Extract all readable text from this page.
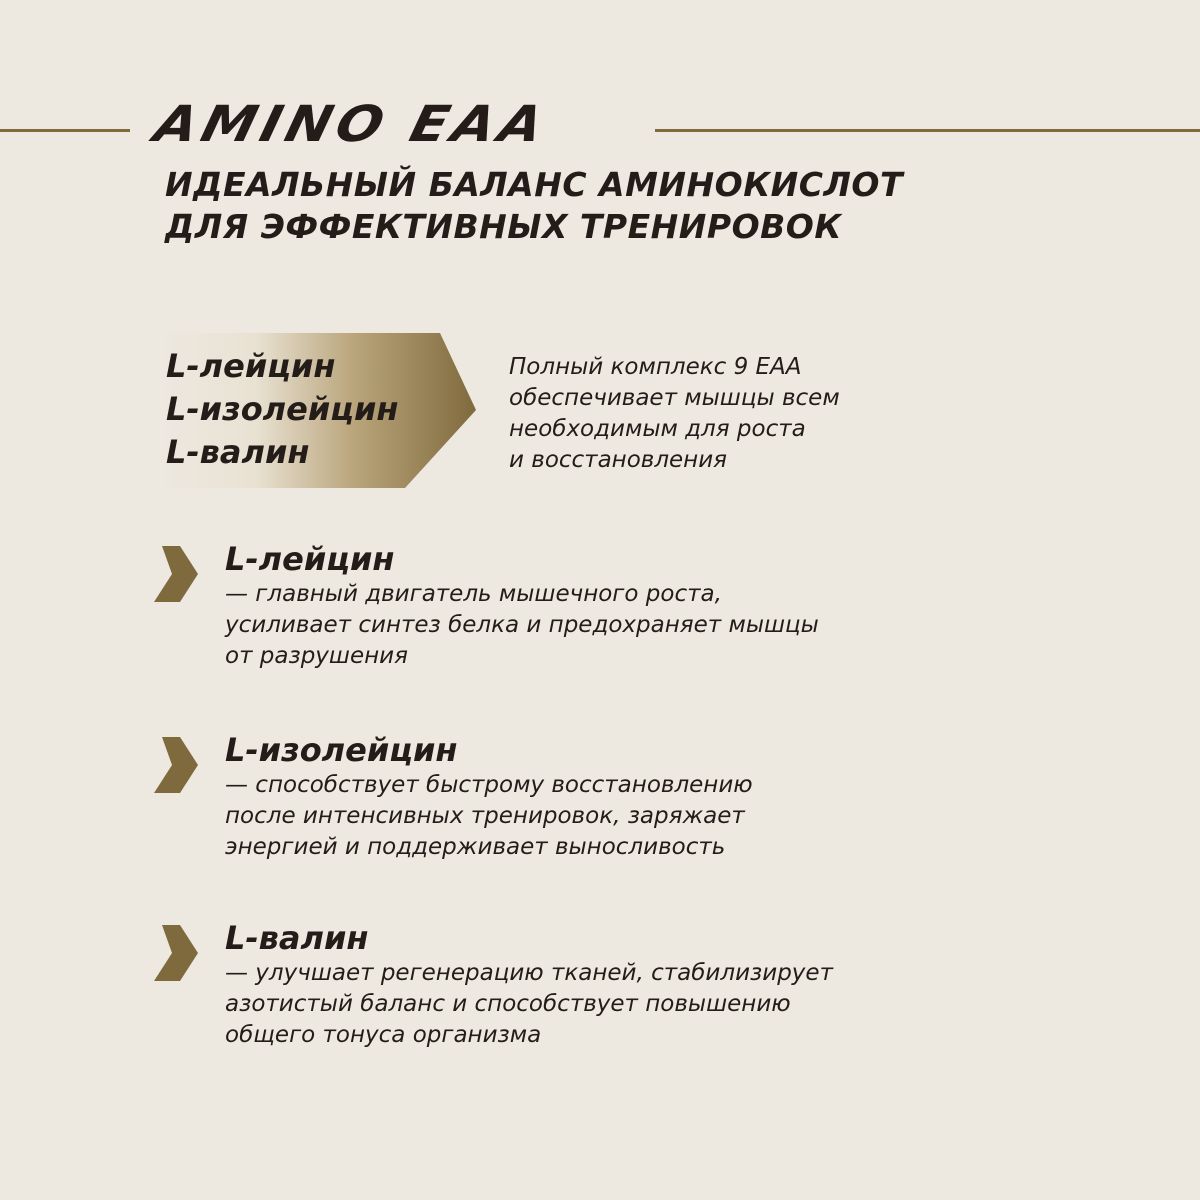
AMINO EAA
ИДЕАЛЬНЫЙ БАЛАНС АМИНОКИСЛОТ
ДЛЯ ЭФФЕКТИВНЫХ ТРЕНИРОВОК
L-лейцин
L-изолейцин
L-валин
Полный комплекс 9 ЕАА
обеспечивает мышцы всем
необходимым для роста
и восстановления
L-лейцин
— главный двигатель мышечного роста,
усиливает синтез белка и предохраняет мышцы
от разрушения
L-изолейцин
— способствует быстрому восстановлению
после интенсивных тренировок, заряжает
энергией и поддерживает выносливость
L-валин
— улучшает регенерацию тканей, стабилизирует
азотистый баланс и способствует повышению
общего тонуса организма
